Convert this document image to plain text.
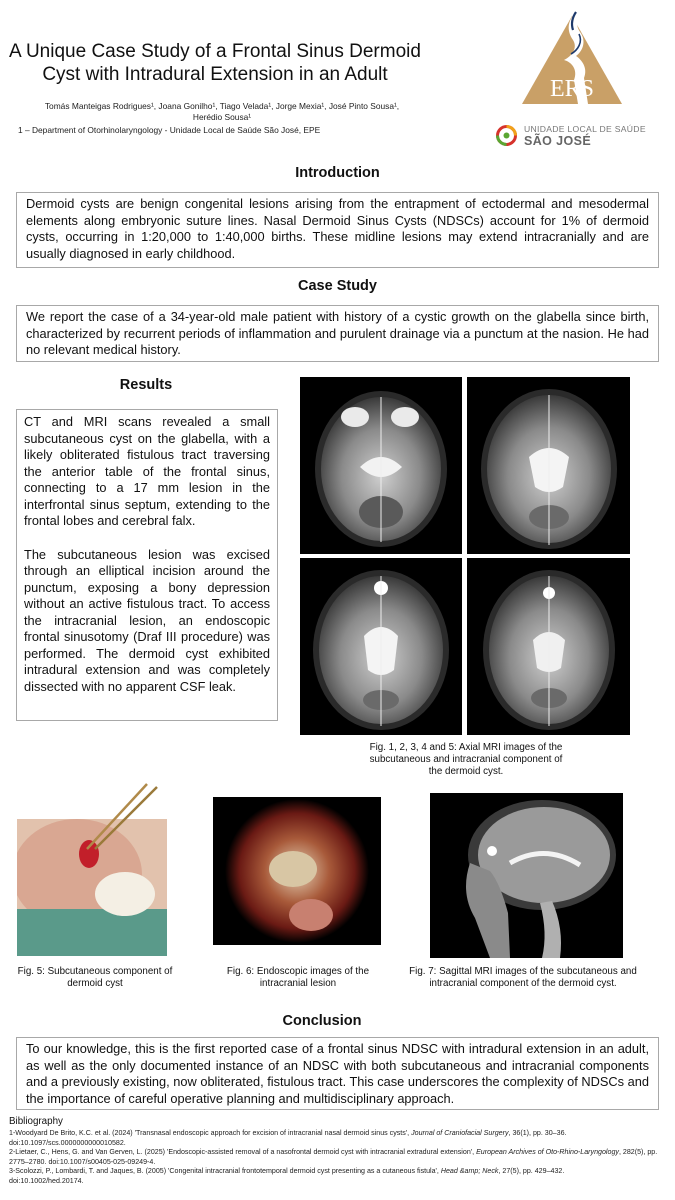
A Unique Case Study of a Frontal Sinus Dermoid Cyst with Intradural Extension in an Adult
Tomás Manteigas Rodrigues¹, Joana Gonilho¹, Tiago Velada¹, Jorge Mexia¹, José Pinto Sousa¹,
Herédio Sousa¹
1 – Department of Otorhinolaryngology - Unidade Local de Saúde São José, EPE
ERS
UNIDADE LOCAL DE SAÚDE
SÃO JOSÉ
Introduction
Dermoid cysts are benign congenital lesions arising from the entrapment of ectodermal and mesodermal elements along embryonic suture lines. Nasal Dermoid Sinus Cysts (NDSCs) account for 1% of dermoid cysts, occurring in 1:20,000 to 1:40,000 births. These midline lesions may extend intracranially and are usually diagnosed in early childhood.
Case Study
We report the case of a 34-year-old male patient with history of a cystic growth on the glabella since birth, characterized by recurrent periods of inflammation and purulent drainage via a punctum at the nasion. He had no relevant medical history.
Results

CT and MRI scans revealed a small subcutaneous cyst on the glabella, with a likely obliterated fistulous tract traversing the anterior table of the frontal sinus, connecting to a 17 mm lesion in the interfrontal sinus septum, extending to the frontal lobes and cerebral falx.

The subcutaneous lesion was excised through an elliptical incision around the punctum, exposing a bony depression without an active fistulous tract. To access the intracranial lesion, an endoscopic frontal sinusotomy (Draf III procedure) was performed. The dermoid cyst exhibited intradural extension and was completely dissected with no apparent CSF leak.

Fig. 1, 2, 3, 4 and 5: Axial MRI images of the subcutaneous and intracranial component of the dermoid cyst.
Fig. 5: Subcutaneous component of dermoid cyst
Fig. 6: Endoscopic images of the intracranial lesion
Fig. 7: Sagittal MRI images of the subcutaneous and intracranial component of the dermoid cyst.
Conclusion
To our knowledge, this is the first reported case of a frontal sinus NDSC with intradural extension in an adult, as well as the only documented instance of an NDSC with both subcutaneous and intracranial components and a previously existing, now obliterated, fistulous tract. This case underscores the complexity of NDSCs and the importance of careful operative planning and multidisciplinary approach.
Bibliography
1-Woodyard De Brito, K.C. et al. (2024) 'Transnasal endoscopic approach for excision of intracranial nasal dermoid sinus cysts', Journal of Craniofacial Surgery, 36(1), pp. 30–36.
doi:10.1097/scs.0000000000010582.
2-Lietaer, C., Hens, G. and Van Gerven, L. (2025) 'Endoscopic-assisted removal of a nasofrontal dermoid cyst with intracranial extradural extension', European Archives of Oto-Rhino-Laryngology, 282(5), pp. 2775–2780. doi:10.1007/s00405-025-09249-4.
3-Scolozzi, P., Lombardi, T. and Jaques, B. (2005) 'Congenital intracranial frontotemporal dermoid cyst presenting as a cutaneous fistula', Head &amp; Neck, 27(5), pp. 429–432.
doi:10.1002/hed.20174.
